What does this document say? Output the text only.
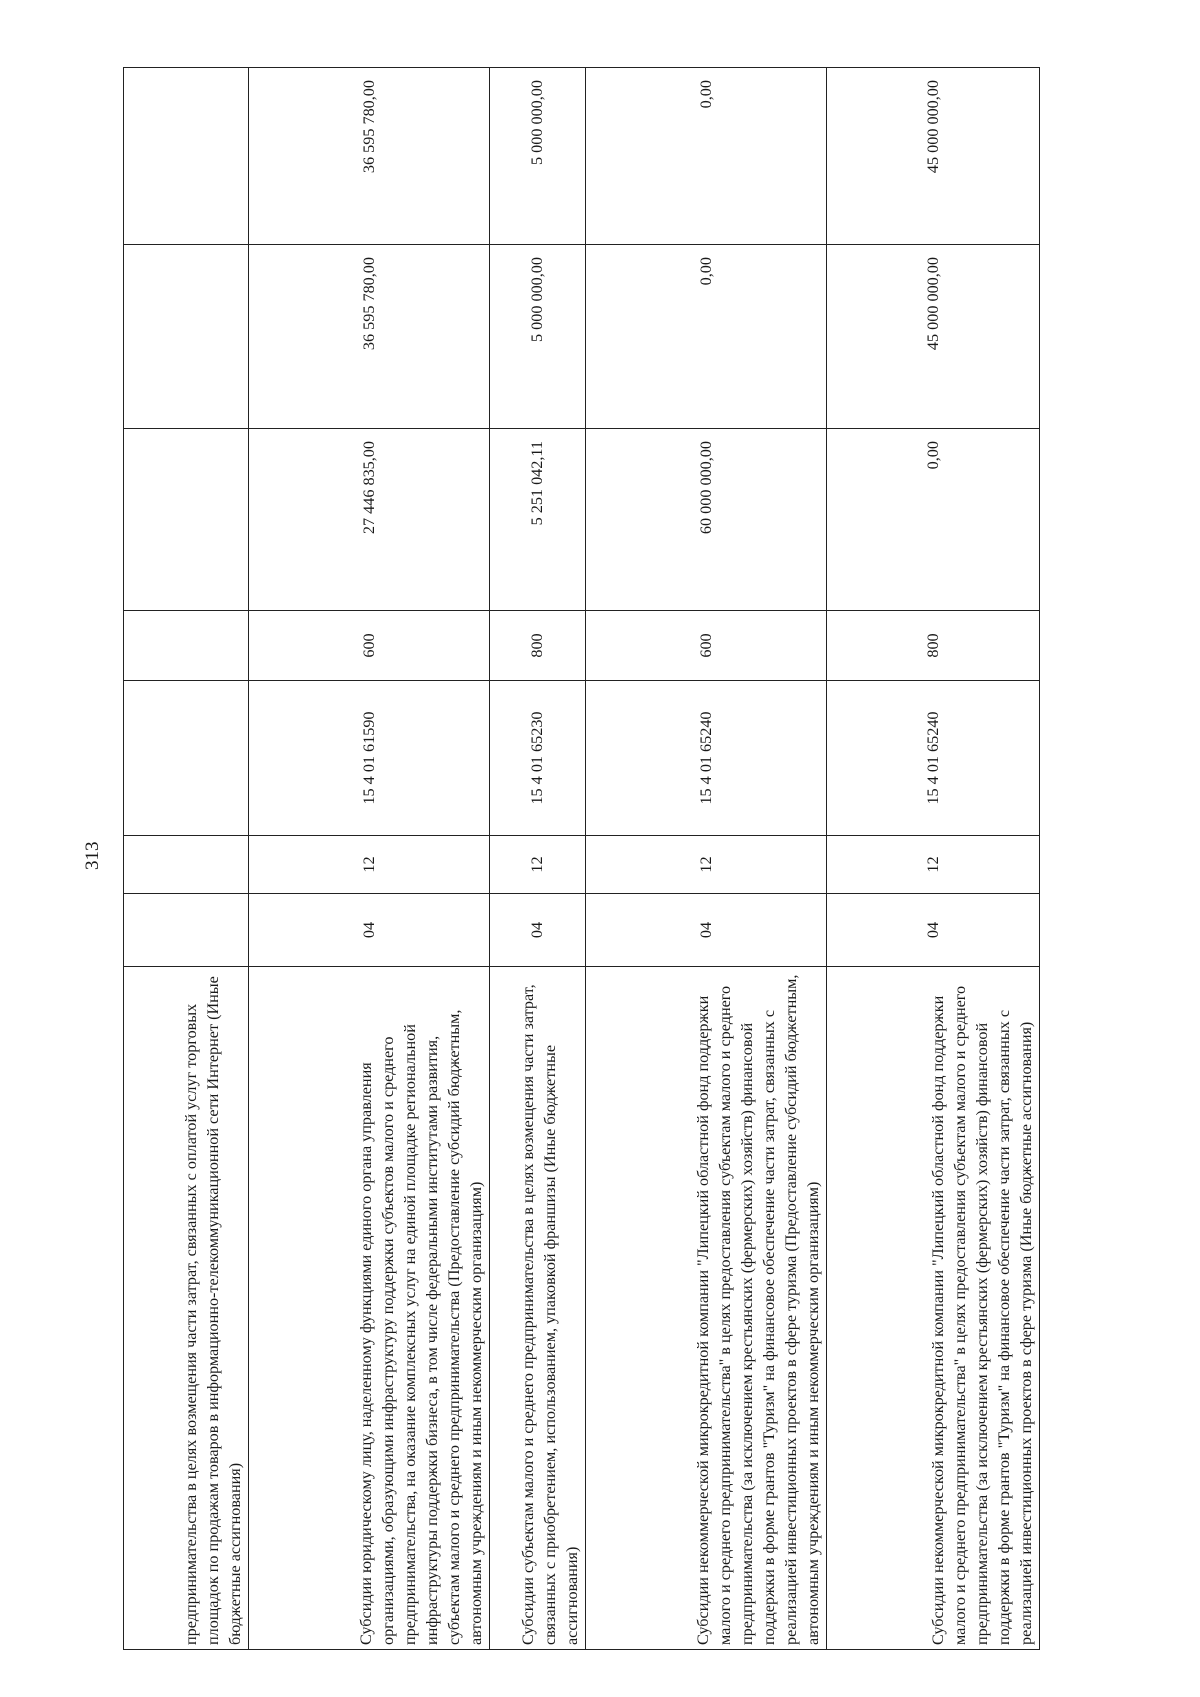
313
предпринимательства в целях возмещения части затрат, связанных с оплатой услуг торговых площадок по продажам товаров в информационно-телекоммуникационной сети Интернет (Иные бюджетные ассигнования)							
Субсидии юридическому лицу, наделенному функциями единого органа управления организациями, образующими инфраструктуру поддержки субъектов малого и среднего предпринимательства, на оказание комплексных услуг на единой площадке региональной инфраструктуры поддержки бизнеса, в том числе федеральными институтами развития, субъектам малого и среднего предпринимательства (Предоставление субсидий бюджетным, автономным учреждениям и иным некоммерческим организациям)	04	12	15 4 01 61590	600	27 446 835,00	36 595 780,00	36 595 780,00
Субсидии субъектам малого и среднего предпринимательства в целях возмещения части затрат, связанных с приобретением, использованием, упаковкой франшизы (Иные бюджетные ассигнования)	04	12	15 4 01 65230	800	5 251 042,11	5 000 000,00	5 000 000,00
Субсидии некоммерческой микрокредитной компании "Липецкий областной фонд поддержки малого и среднего предпринимательства" в целях предоставления субъектам малого и среднего предпринимательства (за исключением крестьянских (фермерских) хозяйств) финансовой поддержки в форме грантов "Туризм" на финансовое обеспечение части затрат, связанных с реализацией инвестиционных проектов в сфере туризма (Предоставление субсидий бюджетным, автономным учреждениям и иным некоммерческим организациям)	04	12	15 4 01 65240	600	60 000 000,00	0,00	0,00
Субсидии некоммерческой микрокредитной компании "Липецкий областной фонд поддержки малого и среднего предпринимательства" в целях предоставления субъектам малого и среднего предпринимательства (за исключением крестьянских (фермерских) хозяйств) финансовой поддержки в форме грантов "Туризм" на финансовое обеспечение части затрат, связанных с реализацией инвестиционных проектов в сфере туризма (Иные бюджетные ассигнования)	04	12	15 4 01 65240	800	0,00	45 000 000,00	45 000 000,00
